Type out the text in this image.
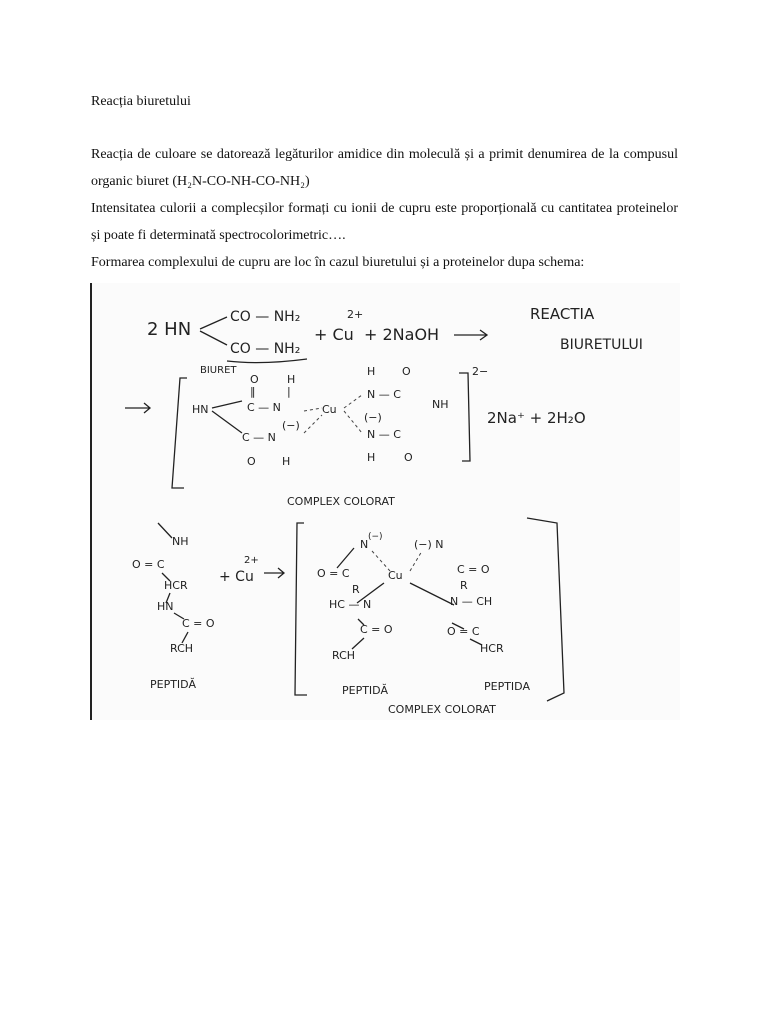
Reacția biuretului

Reacția de culoare se datorează legăturilor amidice din moleculă și a primit denumirea de la compusul organic biuret (H₂N-CO-NH-CO-NH₂)

Intensitatea culorii a complecșilor formați cu ionii de cupru este proporțională cu cantitatea proteinelor și poate fi determinată spectrocolorimetric….

Formarea complexului de cupru are loc în cazul biuretului și a proteinelor dupa schema:

2 HN
CO — NH₂
CO — NH₂
BIURET
+ Cu
2+
+ 2NaOH
REACTIA
BIURETULUI
2−
HN
O
‖
C — N
H
|
Cu
H O
N — C
NH
(−)
N — C
H	O
C — N
(−)
O H
2Na⁺ + 2H₂O
COMPLEX COLORAT
NH
O = C
HCR
HN
C = O
RCH
PEPTIDĂ
+ Cu
2+
N
(−)
(−) N
O = C	Cu	C = O
R	R
HC — N	N — CH
C = O	O = C
RCH
HCR
PEPTIDĂ	PEPTIDA
COMPLEX COLORAT
